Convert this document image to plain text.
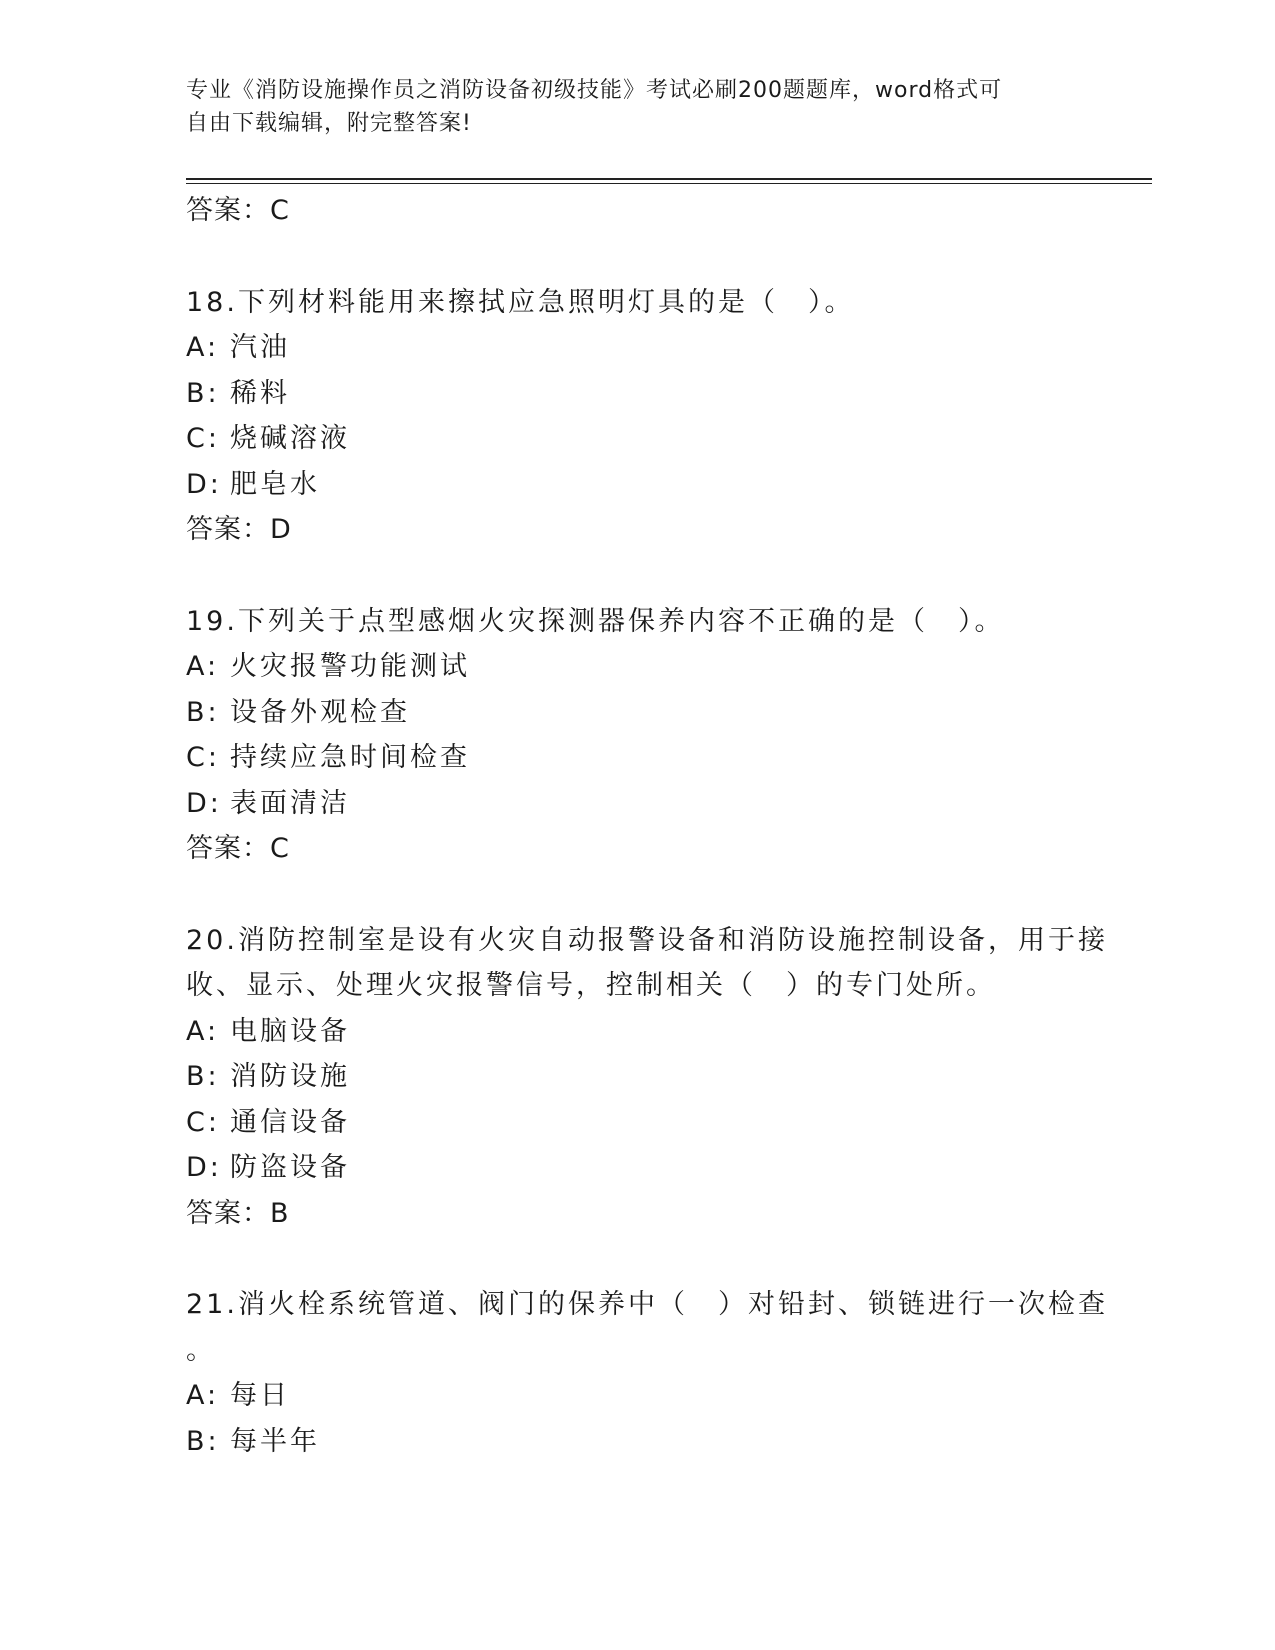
专业《消防设施操作员之消防设备初级技能》考试必刷200题题库，word格式可
自由下载编辑，附完整答案!
答案：C
18.下列材料能用来擦拭应急照明灯具的是（　）。
A: 汽油
B: 稀料
C: 烧碱溶液
D: 肥皂水
答案：D
19.下列关于点型感烟火灾探测器保养内容不正确的是（　）。
A: 火灾报警功能测试
B: 设备外观检查
C: 持续应急时间检查
D: 表面清洁
答案：C
20.消防控制室是设有火灾自动报警设备和消防设施控制设备，用于接
收、显示、处理火灾报警信号，控制相关（　）的专门处所。
A: 电脑设备
B: 消防设施
C: 通信设备
D: 防盗设备
答案：B
21.消火栓系统管道、阀门的保养中（　）对铅封、锁链进行一次检查
。
A: 每日
B: 每半年
